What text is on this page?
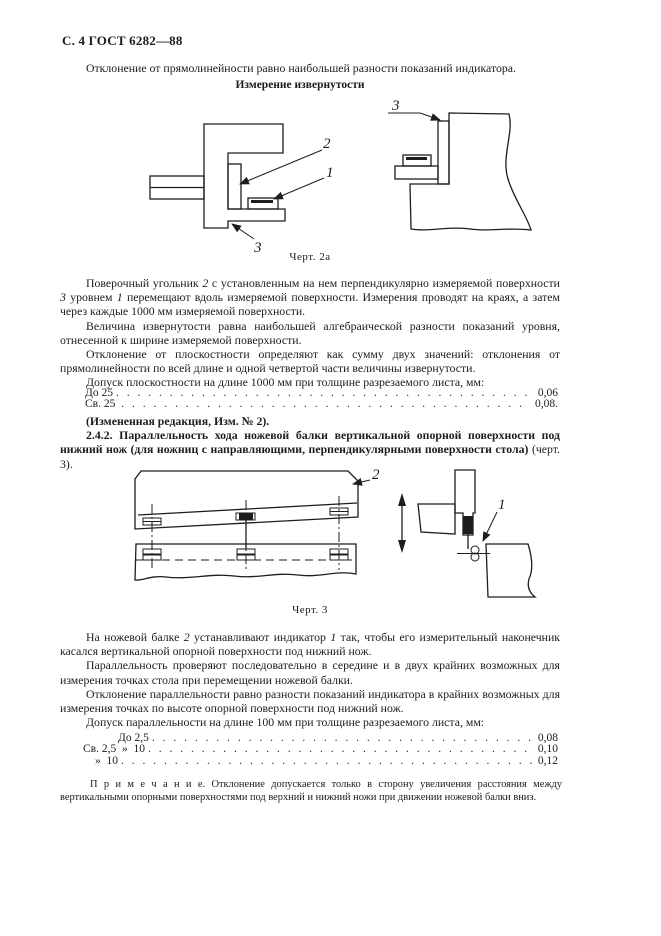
С. 4 ГОСТ 6282—88

Отклонение от прямолинейности равно наибольшей разности показаний индикатора.

Измерение извернутости
2
1
3
3
Черт. 2а

Поверочный угольник 2 с установленным на нем перпендикулярно измеряемой поверхности 3 уровнем 1 перемещают вдоль измеряемой поверхности. Измерения проводят на краях, а затем через каждые 1000 мм измеряемой поверхности.

Величина извернутости равна наибольшей алгебраической разности показаний уровня, отнесенной к ширине измеряемой поверхности.

Отклонение от плоскостности определяют как сумму двух значений: отклонения от прямолинейности по всей длине и одной четвертой части величины извернутости.

Допуск плоскостности на длине 1000 мм при толщине разрезаемого листа, мм:

До 25 . . .	0,06
Св. 25 . . .	0,08.

(Измененная редакция, Изм. № 2).

2.4.2. Параллельность хода ножевой балки вертикальной опорной поверхности под нижний нож (для ножниц с направляющими, перпендикулярными поверхности стола) (черт. 3).

2
1
Черт. 3

На ножевой балке 2 устанавливают индикатор 1 так, чтобы его измерительный наконечник касался вертикальной опорной поверхности под нижний нож.

Параллельность проверяют последовательно в середине и в двух крайних возможных для измерения точках стола при перемещении ножевой балки.

Отклонение параллельности равно разности показаний индикатора в крайних возможных для измерения точках по высоте опорной поверхности под нижний нож.

Допуск параллельности на длине 100 мм при толщине разрезаемого листа, мм:

До 2,5 . . .	0,08
Св. 2,5  »  10 . . .	0,10
»  10 . . .	0,12
П р и м е ч а н и е. Отклонение допускается только в сторону увеличения расстояния между вертикальными опорными поверхностями под верхний и нижний ножи при движении ножевой балки вниз.
